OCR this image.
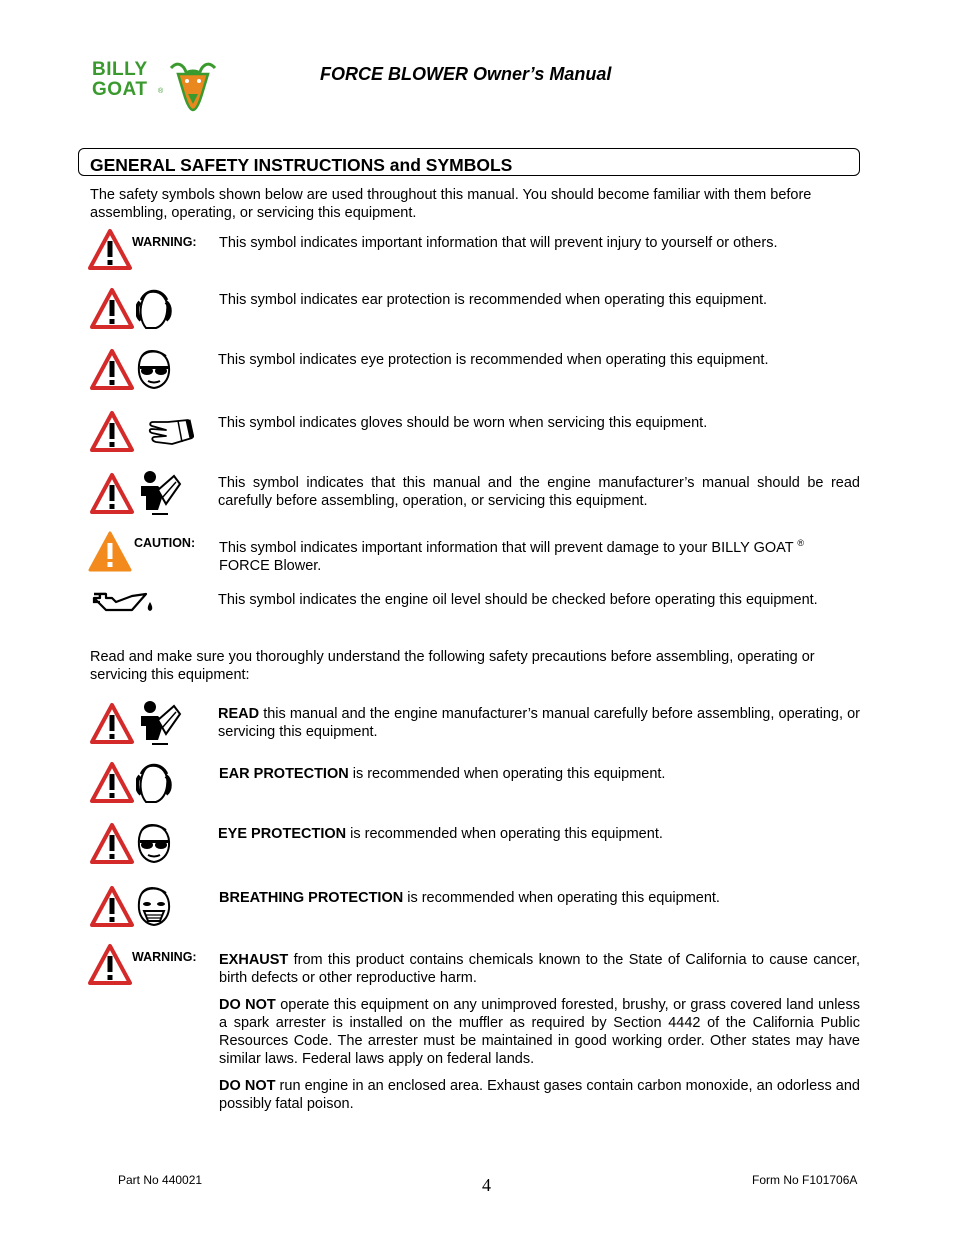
BILLY
GOAT ®
FORCE BLOWER Owner’s Manual
GENERAL SAFETY INSTRUCTIONS and SYMBOLS
The safety symbols shown below are used throughout this manual. You should become familiar with them before assembling, operating, or servicing this equipment.
WARNING: This symbol indicates important information that will prevent injury to yourself or others.
This symbol indicates ear protection is recommended when operating this equipment.
This symbol indicates eye protection is recommended when operating this equipment.
This symbol indicates gloves should be worn when servicing this equipment.
This symbol indicates that this manual and the engine manufacturer’s manual should be read carefully before assembling, operation, or servicing this equipment.
CAUTION: This symbol indicates important information that will prevent damage to your BILLY GOAT ®
FORCE Blower.
This symbol indicates the engine oil level should be checked before operating this equipment.
Read and make sure you thoroughly understand the following safety precautions before assembling, operating or servicing this equipment:
READ this manual and the engine manufacturer’s manual carefully before assembling, operating, or servicing this equipment.
EAR PROTECTION is recommended when operating this equipment.
EYE PROTECTION is recommended when operating this equipment.
BREATHING PROTECTION is recommended when operating this equipment.
WARNING: EXHAUST from this product contains chemicals known to the State of California to cause cancer, birth defects or other reproductive harm.
DO NOT operate this equipment on any unimproved forested, brushy, or grass covered land unless a spark arrester is installed on the muffler as required by Section 4442 of the California Public Resources Code. The arrester must be maintained in good working order. Other states may have similar laws. Federal laws apply on federal lands.
DO NOT run engine in an enclosed area. Exhaust gases contain carbon monoxide, an odorless and possibly fatal poison.
Part No 440021	4	Form No F101706A
